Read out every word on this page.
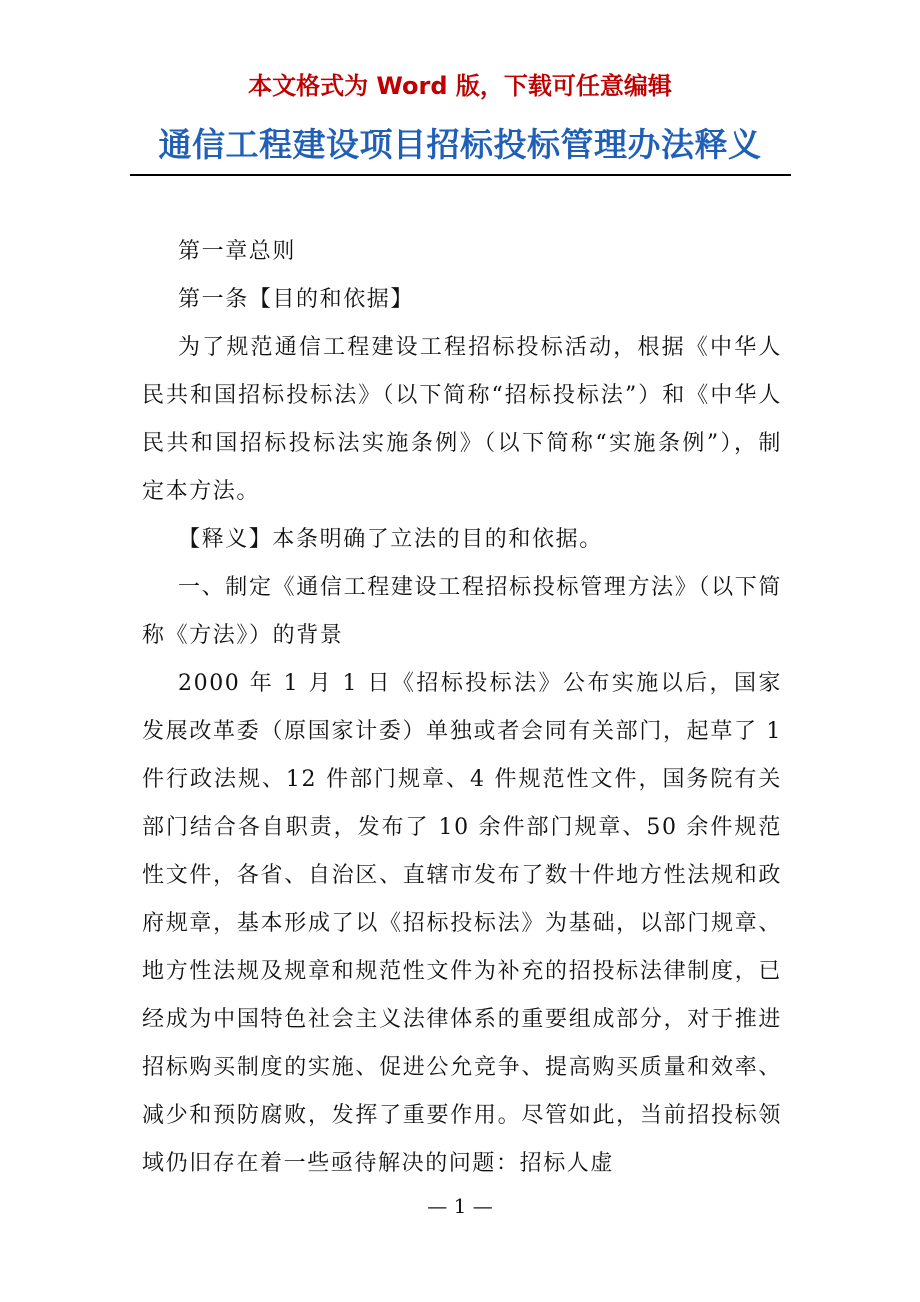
本文格式为 Word 版，下载可任意编辑
通信工程建设项目招标投标管理办法释义

第一章总则

第一条【目的和依据】

为了规范通信工程建设工程招标投标活动，根据《中华人民共和国招标投标法》（以下简称“招标投标法”）和《中华人民共和国招标投标法实施条例》（以下简称“实施条例”），制定本方法。

【释义】本条明确了立法的目的和依据。

一、制定《通信工程建设工程招标投标管理方法》（以下简称《方法》）的背景

2000 年 1 月 1 日《招标投标法》公布实施以后，国家发展改革委（原国家计委）单独或者会同有关部门，起草了 1 件行政法规、12 件部门规章、4 件规范性文件，国务院有关部门结合各自职责，发布了 10 余件部门规章、50 余件规范性文件，各省、自治区、直辖市发布了数十件地方性法规和政府规章，基本形成了以《招标投标法》为基础，以部门规章、地方性法规及规章和规范性文件为补充的招投标法律制度，已经成为中国特色社会主义法律体系的重要组成部分，对于推进招标购买制度的实施、促进公允竞争、提高购买质量和效率、减少和预防腐败，发挥了重要作用。尽管如此，当前招投标领域仍旧存在着一些亟待解决的问题：招标人虚

— 1 —
